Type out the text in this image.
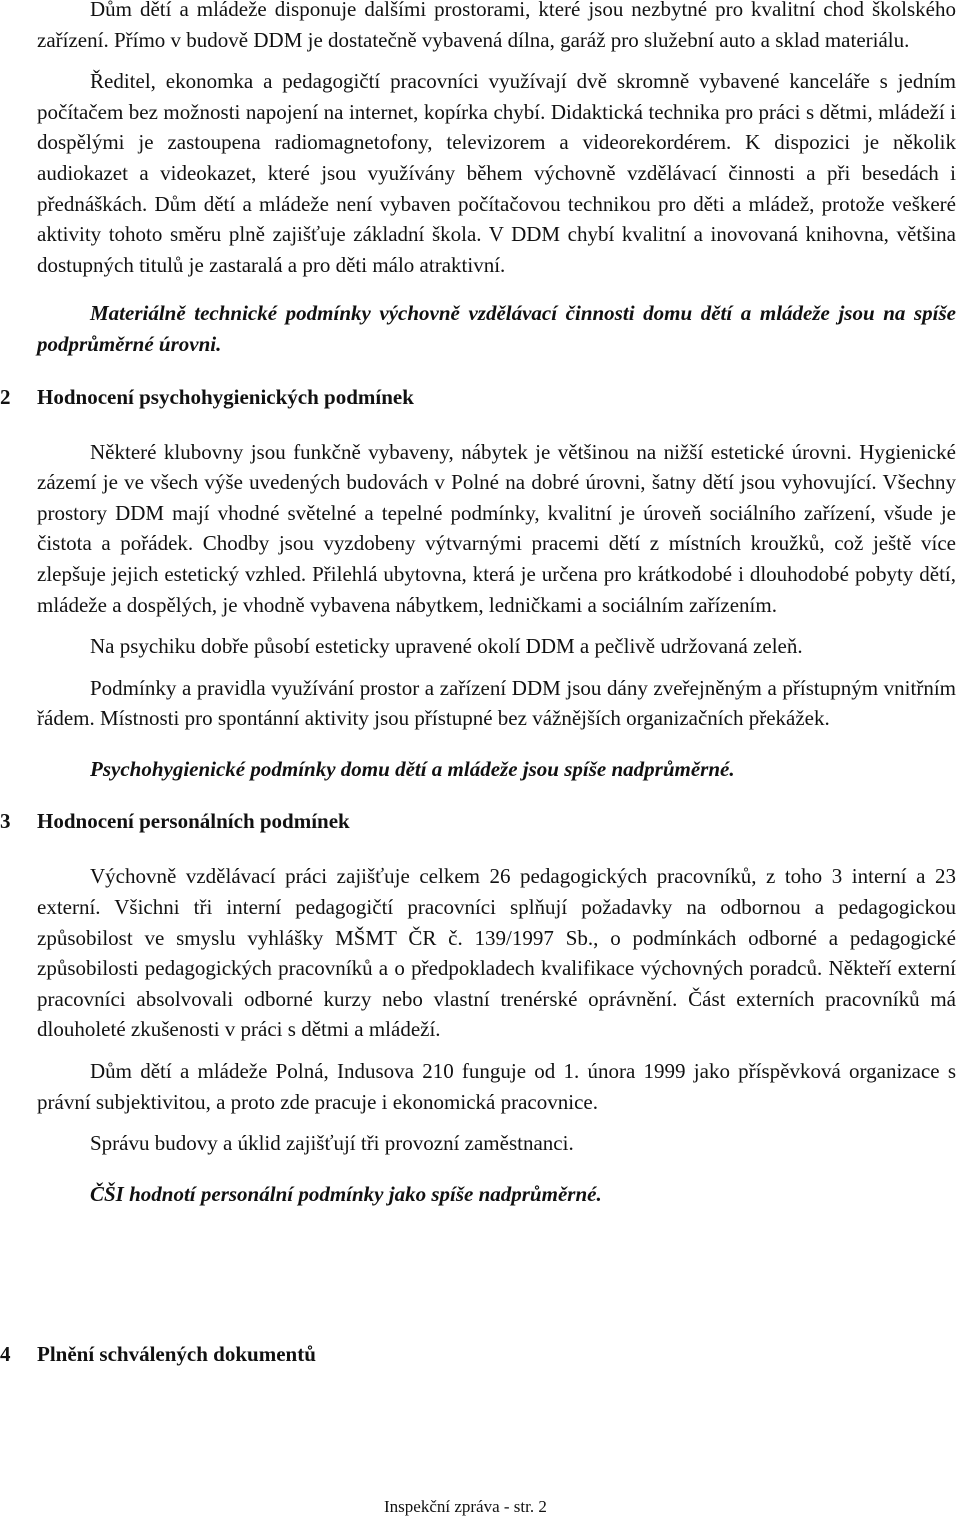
Dům dětí a mládeže disponuje dalšími prostorami, které jsou nezbytné pro kvalitní chod školského zařízení. Přímo v budově DDM je dostatečně vybavená dílna, garáž pro služební auto a sklad materiálu.

Ředitel, ekonomka a pedagogičtí pracovníci využívají dvě skromně vybavené kanceláře s jedním počítačem bez možnosti napojení na internet, kopírka chybí. Didaktická technika pro práci s dětmi, mládeží i dospělými je zastoupena radiomagnetofony, televizorem a videorekordérem. K dispozici je několik audiokazet a videokazet, které jsou využívány během výchovně vzdělávací činnosti a při besedách i přednáškách. Dům dětí a mládeže není vybaven počítačovou technikou pro děti a mládež, protože veškeré aktivity tohoto směru plně zajišťuje základní škola. V DDM chybí kvalitní a inovovaná knihovna, většina dostupných titulů je zastaralá a pro děti málo atraktivní.

Materiálně technické podmínky výchovně vzdělávací činnosti domu dětí a mládeže jsou na spíše podprůměrné úrovni.

2	Hodnocení psychohygienických podmínek

Některé klubovny jsou funkčně vybaveny, nábytek je většinou na nižší estetické úrovni. Hygienické zázemí je ve všech výše uvedených budovách v Polné na dobré úrovni, šatny dětí jsou vyhovující. Všechny prostory DDM mají vhodné světelné a tepelné podmínky, kvalitní je úroveň sociálního zařízení, všude je čistota a pořádek. Chodby jsou vyzdobeny výtvarnými pracemi dětí z místních kroužků, což ještě více zlepšuje jejich estetický vzhled. Přilehlá ubytovna, která je určena pro krátkodobé i dlouhodobé pobyty dětí, mládeže a dospělých, je vhodně vybavena nábytkem, ledničkami a sociálním zařízením.

Na psychiku dobře působí esteticky upravené okolí DDM a pečlivě udržovaná zeleň.

Podmínky a pravidla využívání prostor a zařízení DDM jsou dány zveřejněným a přístupným vnitřním řádem. Místnosti pro spontánní aktivity jsou přístupné bez vážnějších organizačních překážek.

Psychohygienické podmínky domu dětí a mládeže jsou spíše nadprůměrné.

3	Hodnocení personálních podmínek

Výchovně vzdělávací práci zajišťuje celkem 26 pedagogických pracovníků, z toho 3 interní a 23 externí. Všichni tři interní pedagogičtí pracovníci splňují požadavky na odbornou a pedagogickou způsobilost ve smyslu vyhlášky MŠMT ČR č. 139/1997 Sb., o podmínkách odborné a pedagogické způsobilosti pedagogických pracovníků a o předpokladech kvalifikace výchovných poradců. Někteří externí pracovníci absolvovali odborné kurzy nebo vlastní trenérské oprávnění. Část externích pracovníků má dlouholeté zkušenosti v práci s dětmi a mládeží.

Dům dětí a mládeže Polná, Indusova 210 funguje od 1. února 1999 jako příspěvková organizace s právní subjektivitou, a proto zde pracuje i ekonomická pracovnice.

Správu budovy a úklid zajišťují tři provozní zaměstnanci.

ČŠI hodnotí personální podmínky jako spíše nadprůměrné.

4	Plnění schválených dokumentů
Inspekční zpráva - str. 2
